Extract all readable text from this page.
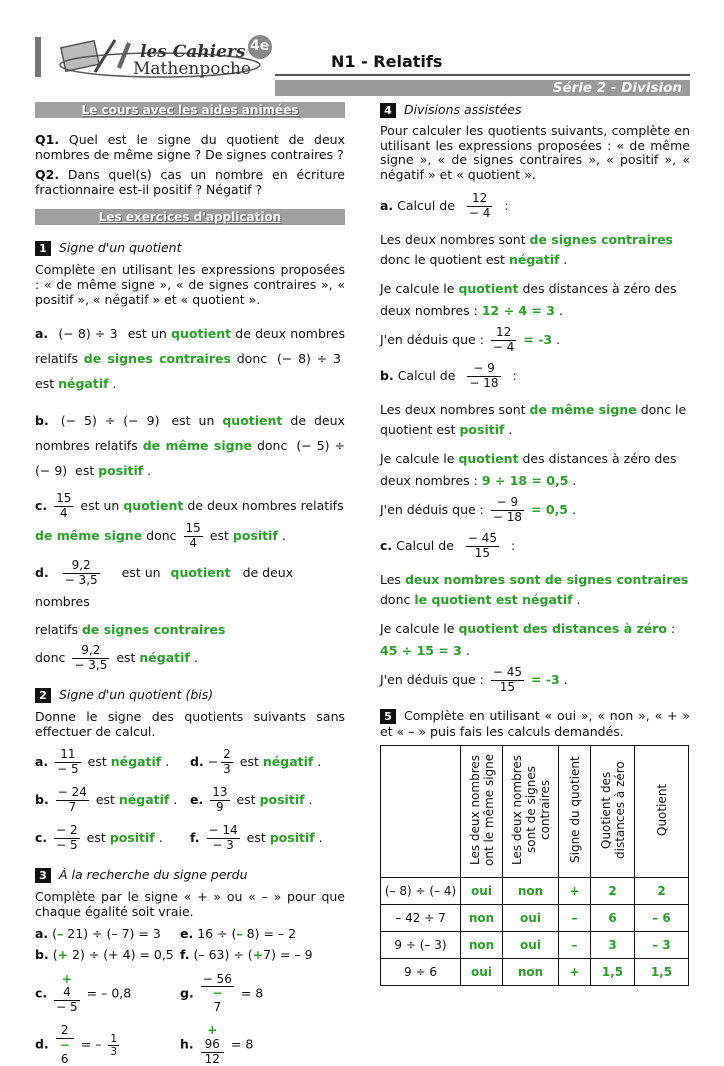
les Cahiers
Mathenpoche
4e
N1 - Relatifs
Série 2 - Division
Le cours avec les aides animées

Q1. Quel est le signe du quotient de deux nombres de même signe ? De signes contraires ?

Q2. Dans quel(s) cas un nombre en écriture fractionnaire est-il positif ? Négatif ?

Les exercices d'application

1 Signe d'un quotient

Complète en utilisant les expressions proposées : « de même signe », « de signes contraires », « positif », « négatif » et « quotient ».

a. (− 8) ÷ 3 est un quotient de deux nombres relatifs de signes contraires donc (− 8) ÷ 3 est négatif .

b. (− 5) ÷ (− 9) est un quotient de deux nombres relatifs de même signe donc (− 5) ÷ (− 9) est positif .

c. $\frac{15}{4}$ est un quotient de deux nombres relatifs
de même signe donc $\frac{15}{4}$ est positif .
d. $\frac{9,2}{- 3,5}$ est un quotient de deux nombres
relatifs de signes contraires
donc $\frac{9,2}{- 3,5}$ est négatif .

2 Signe d'un quotient (bis)

Donne le signe des quotients suivants sans effectuer de calcul.

a. $\frac{11}{- 5}$ est négatif .	d. − $\frac{2}{3}$ est négatif .
b. $\frac{- 24}{7}$ est négatif .	e. $\frac{13}{9}$ est positif .
c. $\frac{- 2}{- 5}$ est positif .	f. $\frac{- 14}{- 3}$ est positif .

3 À la recherche du signe perdu

Complète par le signe « + » ou « – » pour que chaque égalité soit vraie.

a. (– 21) ÷ (– 7) = 3	e. 16 ÷ (– 8) = – 2
b. (+ 2) ÷ (+ 4) = 0,5 f. (– 63) ÷ (+7) = – 9
c. +
4
− 5 = – 0,8	g. − 56
−
7 = 8
d. 2
−
6 = – $\frac{1}{3}$	h. +
96
12 = 8

4 Divisions assistées

Pour calculer les quotients suivants, complète en utilisant les expressions proposées : « de même signe », « de signes contraires », « positif », « négatif » et « quotient ».

a. Calcul de $\frac{12}{- 4}$ :
Les deux nombres sont de signes contraires
donc le quotient est négatif .
Je calcule le quotient des distances à zéro des
deux nombres : 12 ÷ 4 = 3 .
J'en déduis que : $\frac{12}{- 4} = -3$ .
b. Calcul de $\frac{- 9}{- 18}$ :
Les deux nombres sont de même signe donc le
quotient est positif .
Je calcule le quotient des distances à zéro des
deux nombres : 9 ÷ 18 = 0,5 .
J'en déduis que : $\frac{- 9}{- 18} = 0,5$ .
c. Calcul de $\frac{- 45}{15}$ :
Les deux nombres sont de signes contraires
donc le quotient est négatif .
Je calcule le quotient des distances à zéro :
45 ÷ 15 = 3 .
J'en déduis que : $\frac{- 45}{15} = -3$ .

5 Complète en utilisant « oui », « non », « + » et « – » puis fais les calculs demandés.

	Les deux nombres ont le même signe	Les deux nombres sont de signes contraires	Signe du quotient	Quotient des distances à zéro	Quotient
(– 8) ÷ (– 4)	oui	non	+	2	2
– 42 ÷ 7	non	oui	–	6	– 6
9 ÷ (– 3)	non	oui	–	3	– 3
9 ÷ 6	oui	non	+	1,5	1,5
